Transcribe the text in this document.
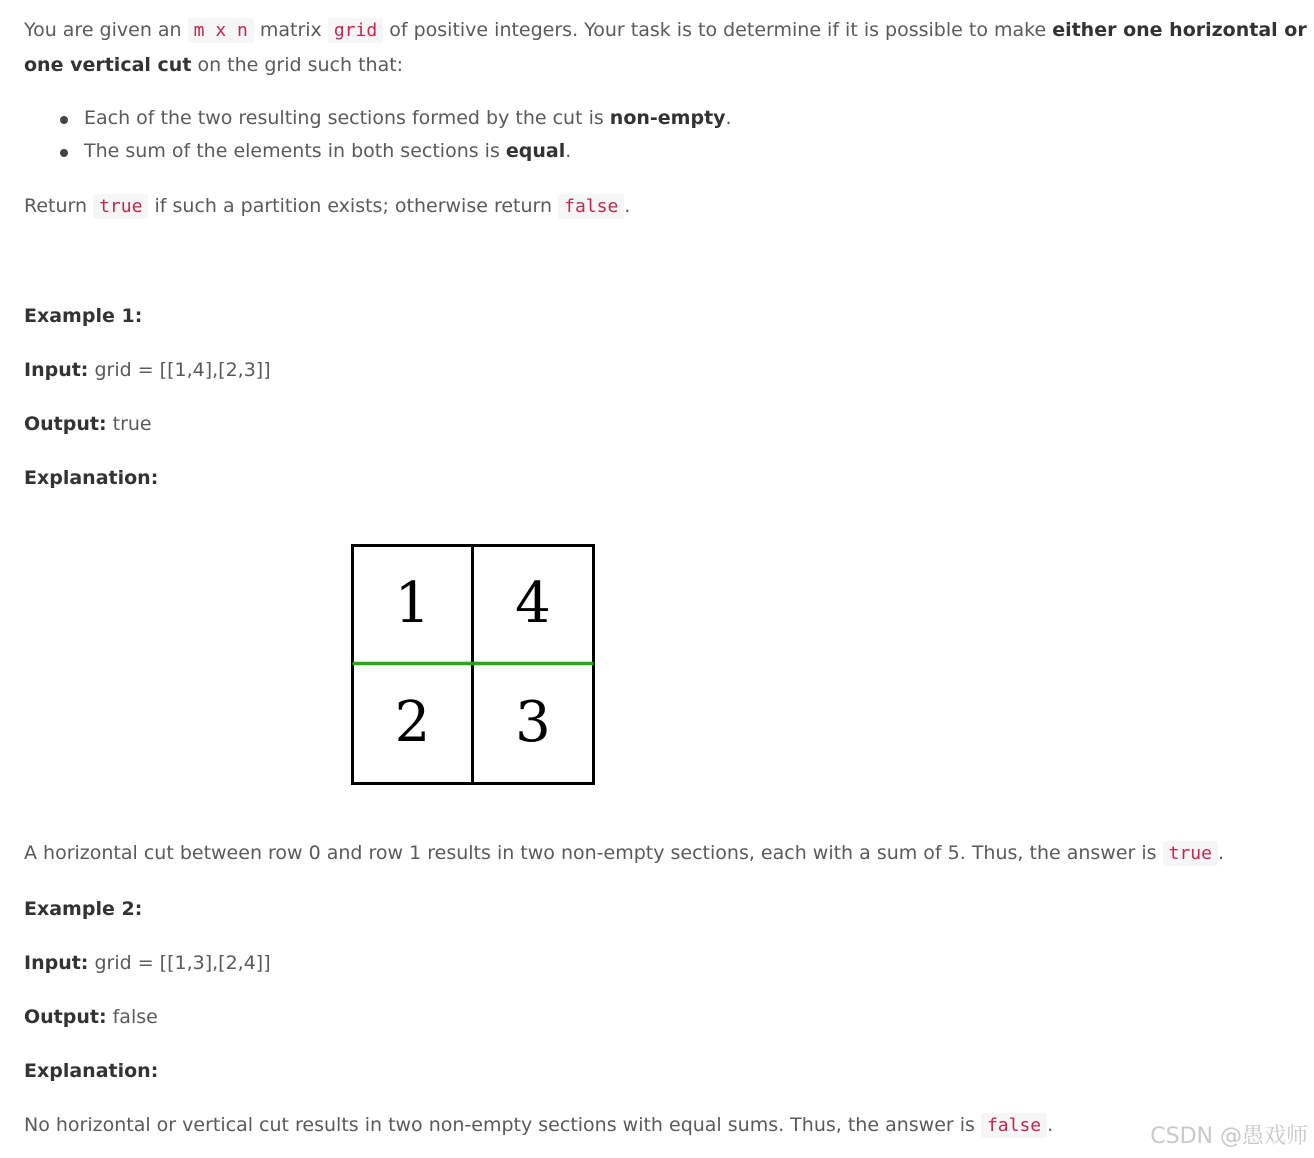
You are given an m x n matrix grid of positive integers. Your task is to determine if it is possible to make either one horizontal or one vertical cut on the grid such that:

Each of the two resulting sections formed by the cut is non-empty.
The sum of the elements in both sections is equal.

Return true if such a partition exists; otherwise return false .

Example 1:

Input: grid = [[1,4],[2,3]]

Output: true

Explanation:

A horizontal cut between row 0 and row 1 results in two non-empty sections, each with a sum of 5. Thus, the answer is true .

Example 2:

Input: grid = [[1,3],[2,4]]

Output: false

Explanation:

No horizontal or vertical cut results in two non-empty sections with equal sums. Thus, the answer is false .

1 4
2 3
CSDN @愚戏师
